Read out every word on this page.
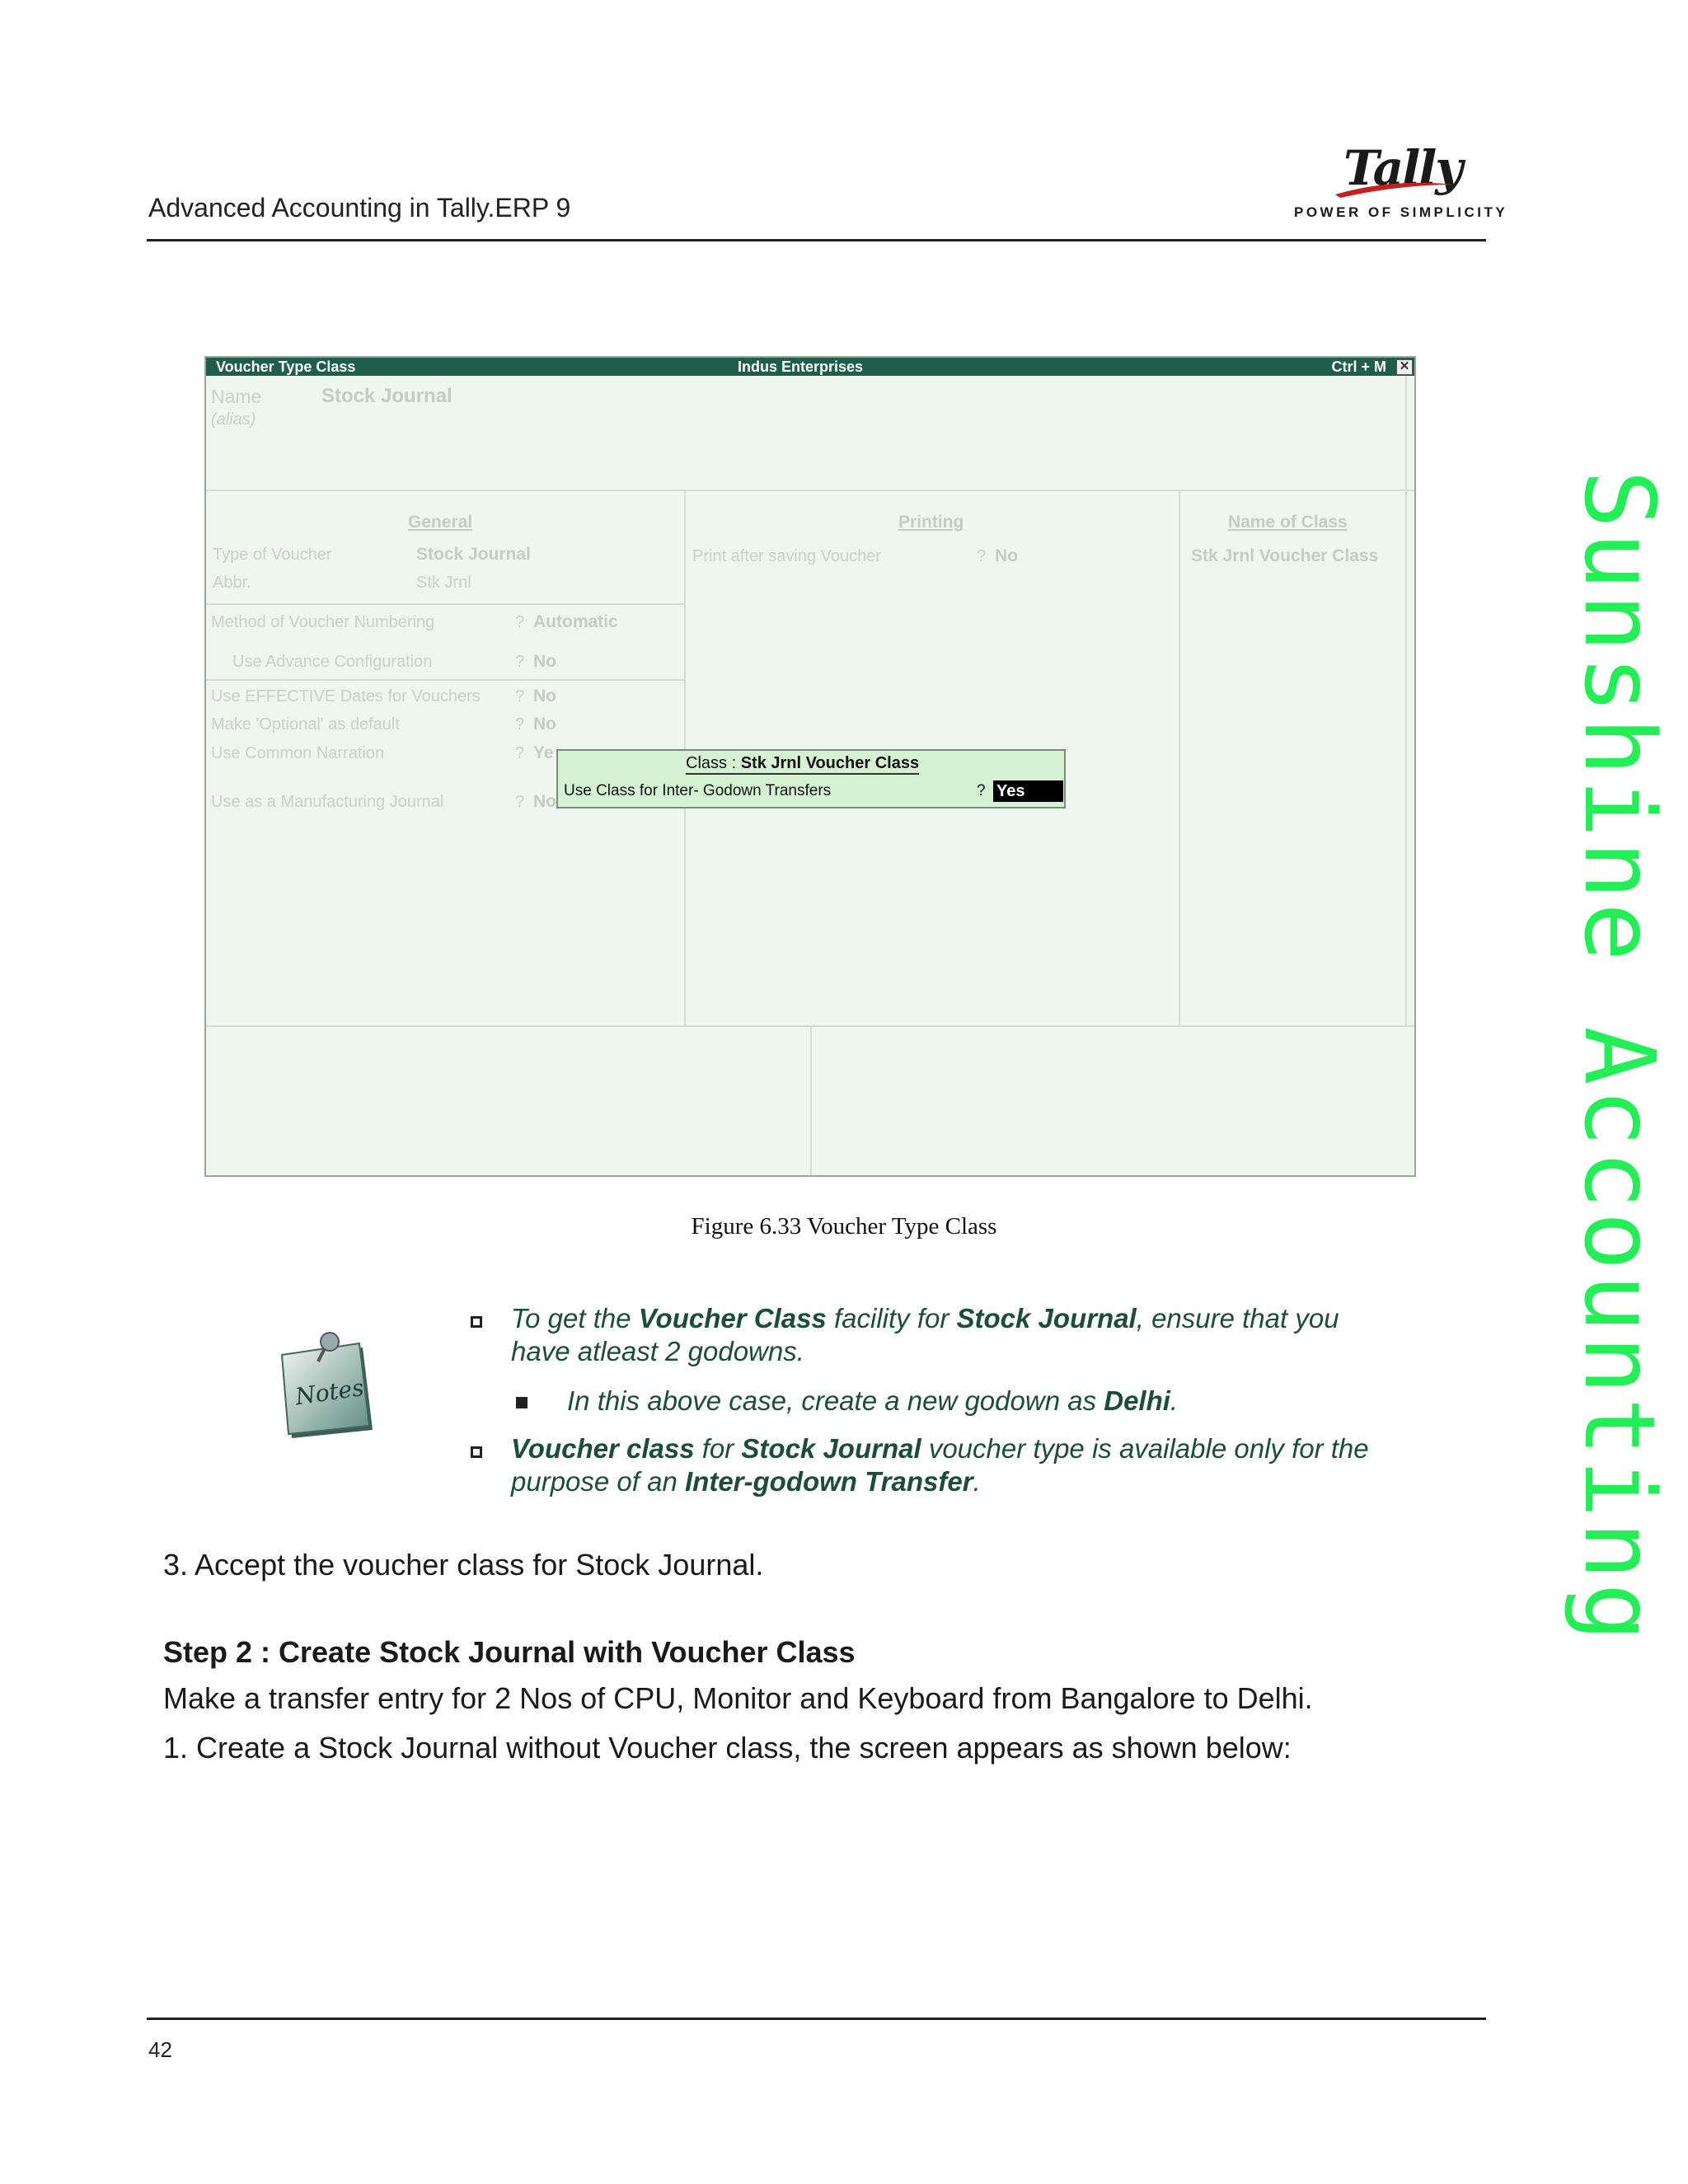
Advanced Accounting in Tally.ERP 9
Tally
POWER OF SIMPLICITY
Sunshine Accounting
Voucher Type Class	Indus Enterprises	Ctrl + M ✕
Name	Stock Journal
(alias)
General
Type of Voucher	Stock Journal
Abbr.	Stk Jrnl
Method of Voucher Numbering	? Automatic
Use Advance Configuration	? No
Use EFFECTIVE Dates for Vouchers ? No
Make 'Optional' as default	? No
Use Common Narration	? Ye
Use as a Manufacturing Journal	? No
Printing
Print after saving Voucher	? No
Name of Class
Stk Jrnl Voucher Class
Class : Stk Jrnl Voucher Class
Use Class for Inter- Godown Transfers	? Yes
Figure 6.33 Voucher Type Class
Notes
To get the Voucher Class facility for Stock Journal, ensure that you
have atleast 2 godowns.
In this above case, create a new godown as Delhi.
Voucher class for Stock Journal voucher type is available only for the
purpose of an Inter-godown Transfer.
3. Accept the voucher class for Stock Journal.
Step 2 : Create Stock Journal with Voucher Class
Make a transfer entry for 2 Nos of CPU, Monitor and Keyboard from Bangalore to Delhi.
1. Create a Stock Journal without Voucher class, the screen appears as shown below:
42
